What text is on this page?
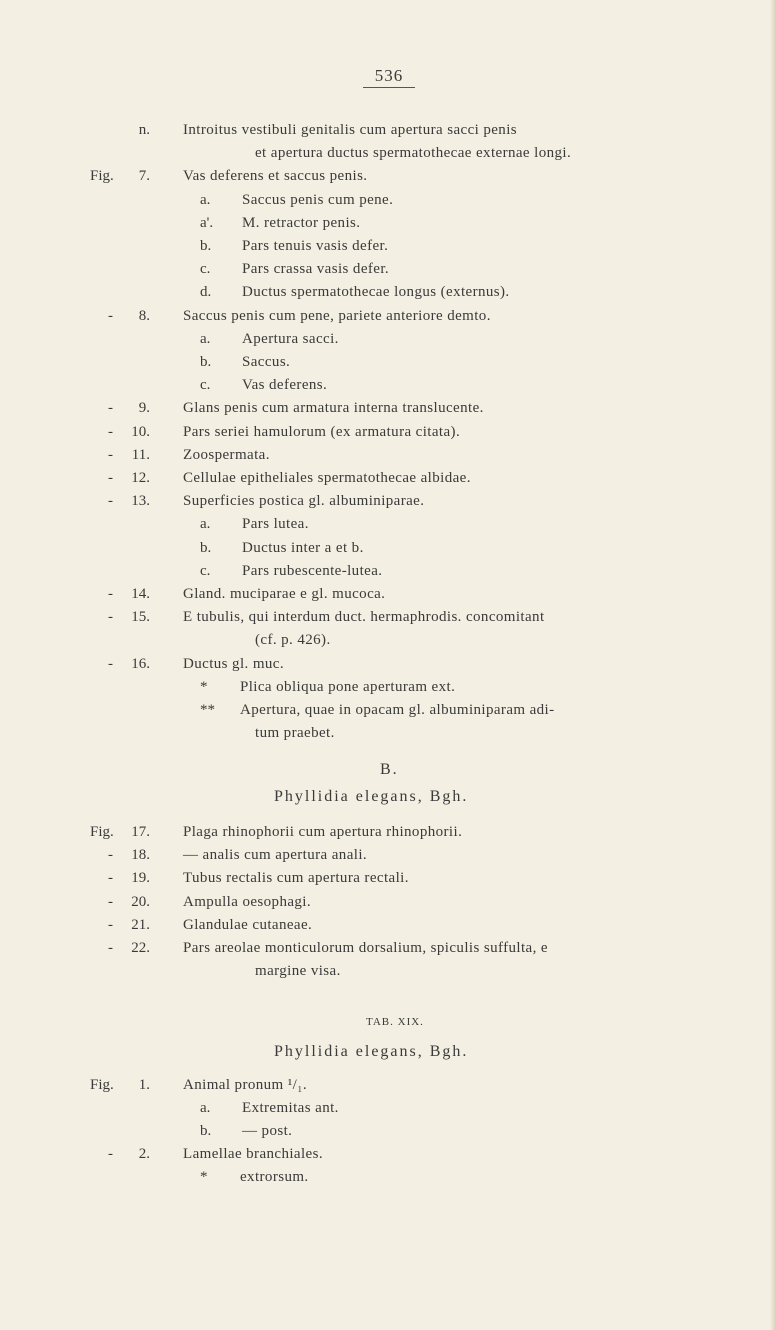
536
n. Introitus vestibuli genitalis cum apertura sacci penis
et apertura ductus spermatothecae externae longi.
Fig.	7. Vas deferens et saccus penis.
a. Saccus penis cum pene.
a'. M. retractor penis.
b. Pars tenuis vasis defer.
c. Pars crassa vasis defer.
d. Ductus spermatothecae longus (externus).
-	8. Saccus penis cum pene, pariete anteriore demto.
a. Apertura sacci.
b. Saccus.
c. Vas deferens.
-	9. Glans penis cum armatura interna translucente.
-	10. Pars seriei hamulorum (ex armatura citata).
-	11. Zoospermata.
-	12. Cellulae epitheliales spermatothecae albidae.
-	13. Superficies postica gl. albuminiparae.
a. Pars lutea.
b. Ductus inter a et b.
c. Pars rubescente-lutea.
-	14. Gland. muciparae e gl. mucoca.
-	15. E tubulis, qui interdum duct. hermaphrodis. concomitant
(cf. p. 426).
-	16. Ductus gl. muc.
* Plica obliqua pone aperturam ext.
** Apertura, quae in opacam gl. albuminiparam adi-
tum praebet.
B.
Phyllidia elegans, Bgh.
Fig.	17. Plaga rhinophorii cum apertura rhinophorii.
-	18. — analis cum apertura anali.
-	19. Tubus rectalis cum apertura rectali.
-	20. Ampulla oesophagi.
-	21. Glandulae cutaneae.
-	22. Pars areolae monticulorum dorsalium, spiculis suffulta, e
margine visa.
TAB. XIX.
Phyllidia elegans, Bgh.
Fig.	1. Animal pronum ¹/₁.
a. Extremitas ant.
b. — post.
-	2. Lamellae branchiales.
* extrorsum.
